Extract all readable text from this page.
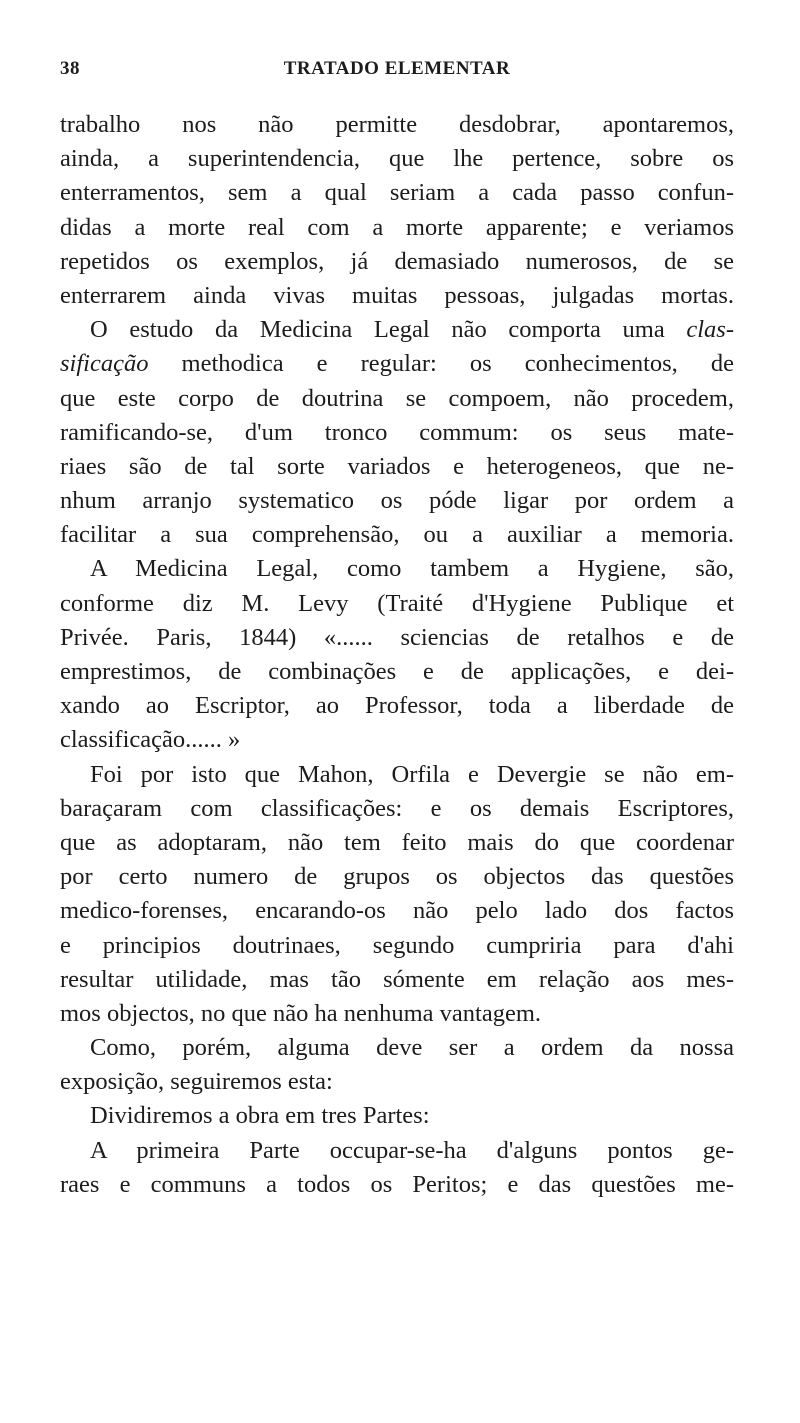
38	TRATADO ELEMENTAR
trabalho nos não permitte desdobrar, apontaremos,
ainda, a superintendencia, que lhe pertence, sobre os
enterramentos, sem a qual seriam a cada passo confun-
didas a morte real com a morte apparente; e veriamos
repetidos os exemplos, já demasiado numerosos, de se
enterrarem ainda vivas muitas pessoas, julgadas mortas.
O estudo da Medicina Legal não comporta uma clas-
sificação methodica e regular: os conhecimentos, de
que este corpo de doutrina se compoem, não procedem,
ramificando-se, d'um tronco commum: os seus mate-
riaes são de tal sorte variados e heterogeneos, que ne-
nhum arranjo systematico os póde ligar por ordem a
facilitar a sua comprehensão, ou a auxiliar a memoria.
A Medicina Legal, como tambem a Hygiene, são,
conforme diz M. Levy (Traité d'Hygiene Publique et
Privée. Paris, 1844) «...... sciencias de retalhos e de
emprestimos, de combinações e de applicações, e dei-
xando ao Escriptor, ao Professor, toda a liberdade de
classificação...... »
Foi por isto que Mahon, Orfila e Devergie se não em-
baraçaram com classificações: e os demais Escriptores,
que as adoptaram, não tem feito mais do que coordenar
por certo numero de grupos os objectos das questões
medico-forenses, encarando-os não pelo lado dos factos
e principios doutrinaes, segundo cumpriria para d'ahi
resultar utilidade, mas tão sómente em relação aos mes-
mos objectos, no que não ha nenhuma vantagem.
Como, porém, alguma deve ser a ordem da nossa
exposição, seguiremos esta:
Dividiremos a obra em tres Partes:
A primeira Parte occupar-se-ha d'alguns pontos ge-
raes e communs a todos os Peritos; e das questões me-
